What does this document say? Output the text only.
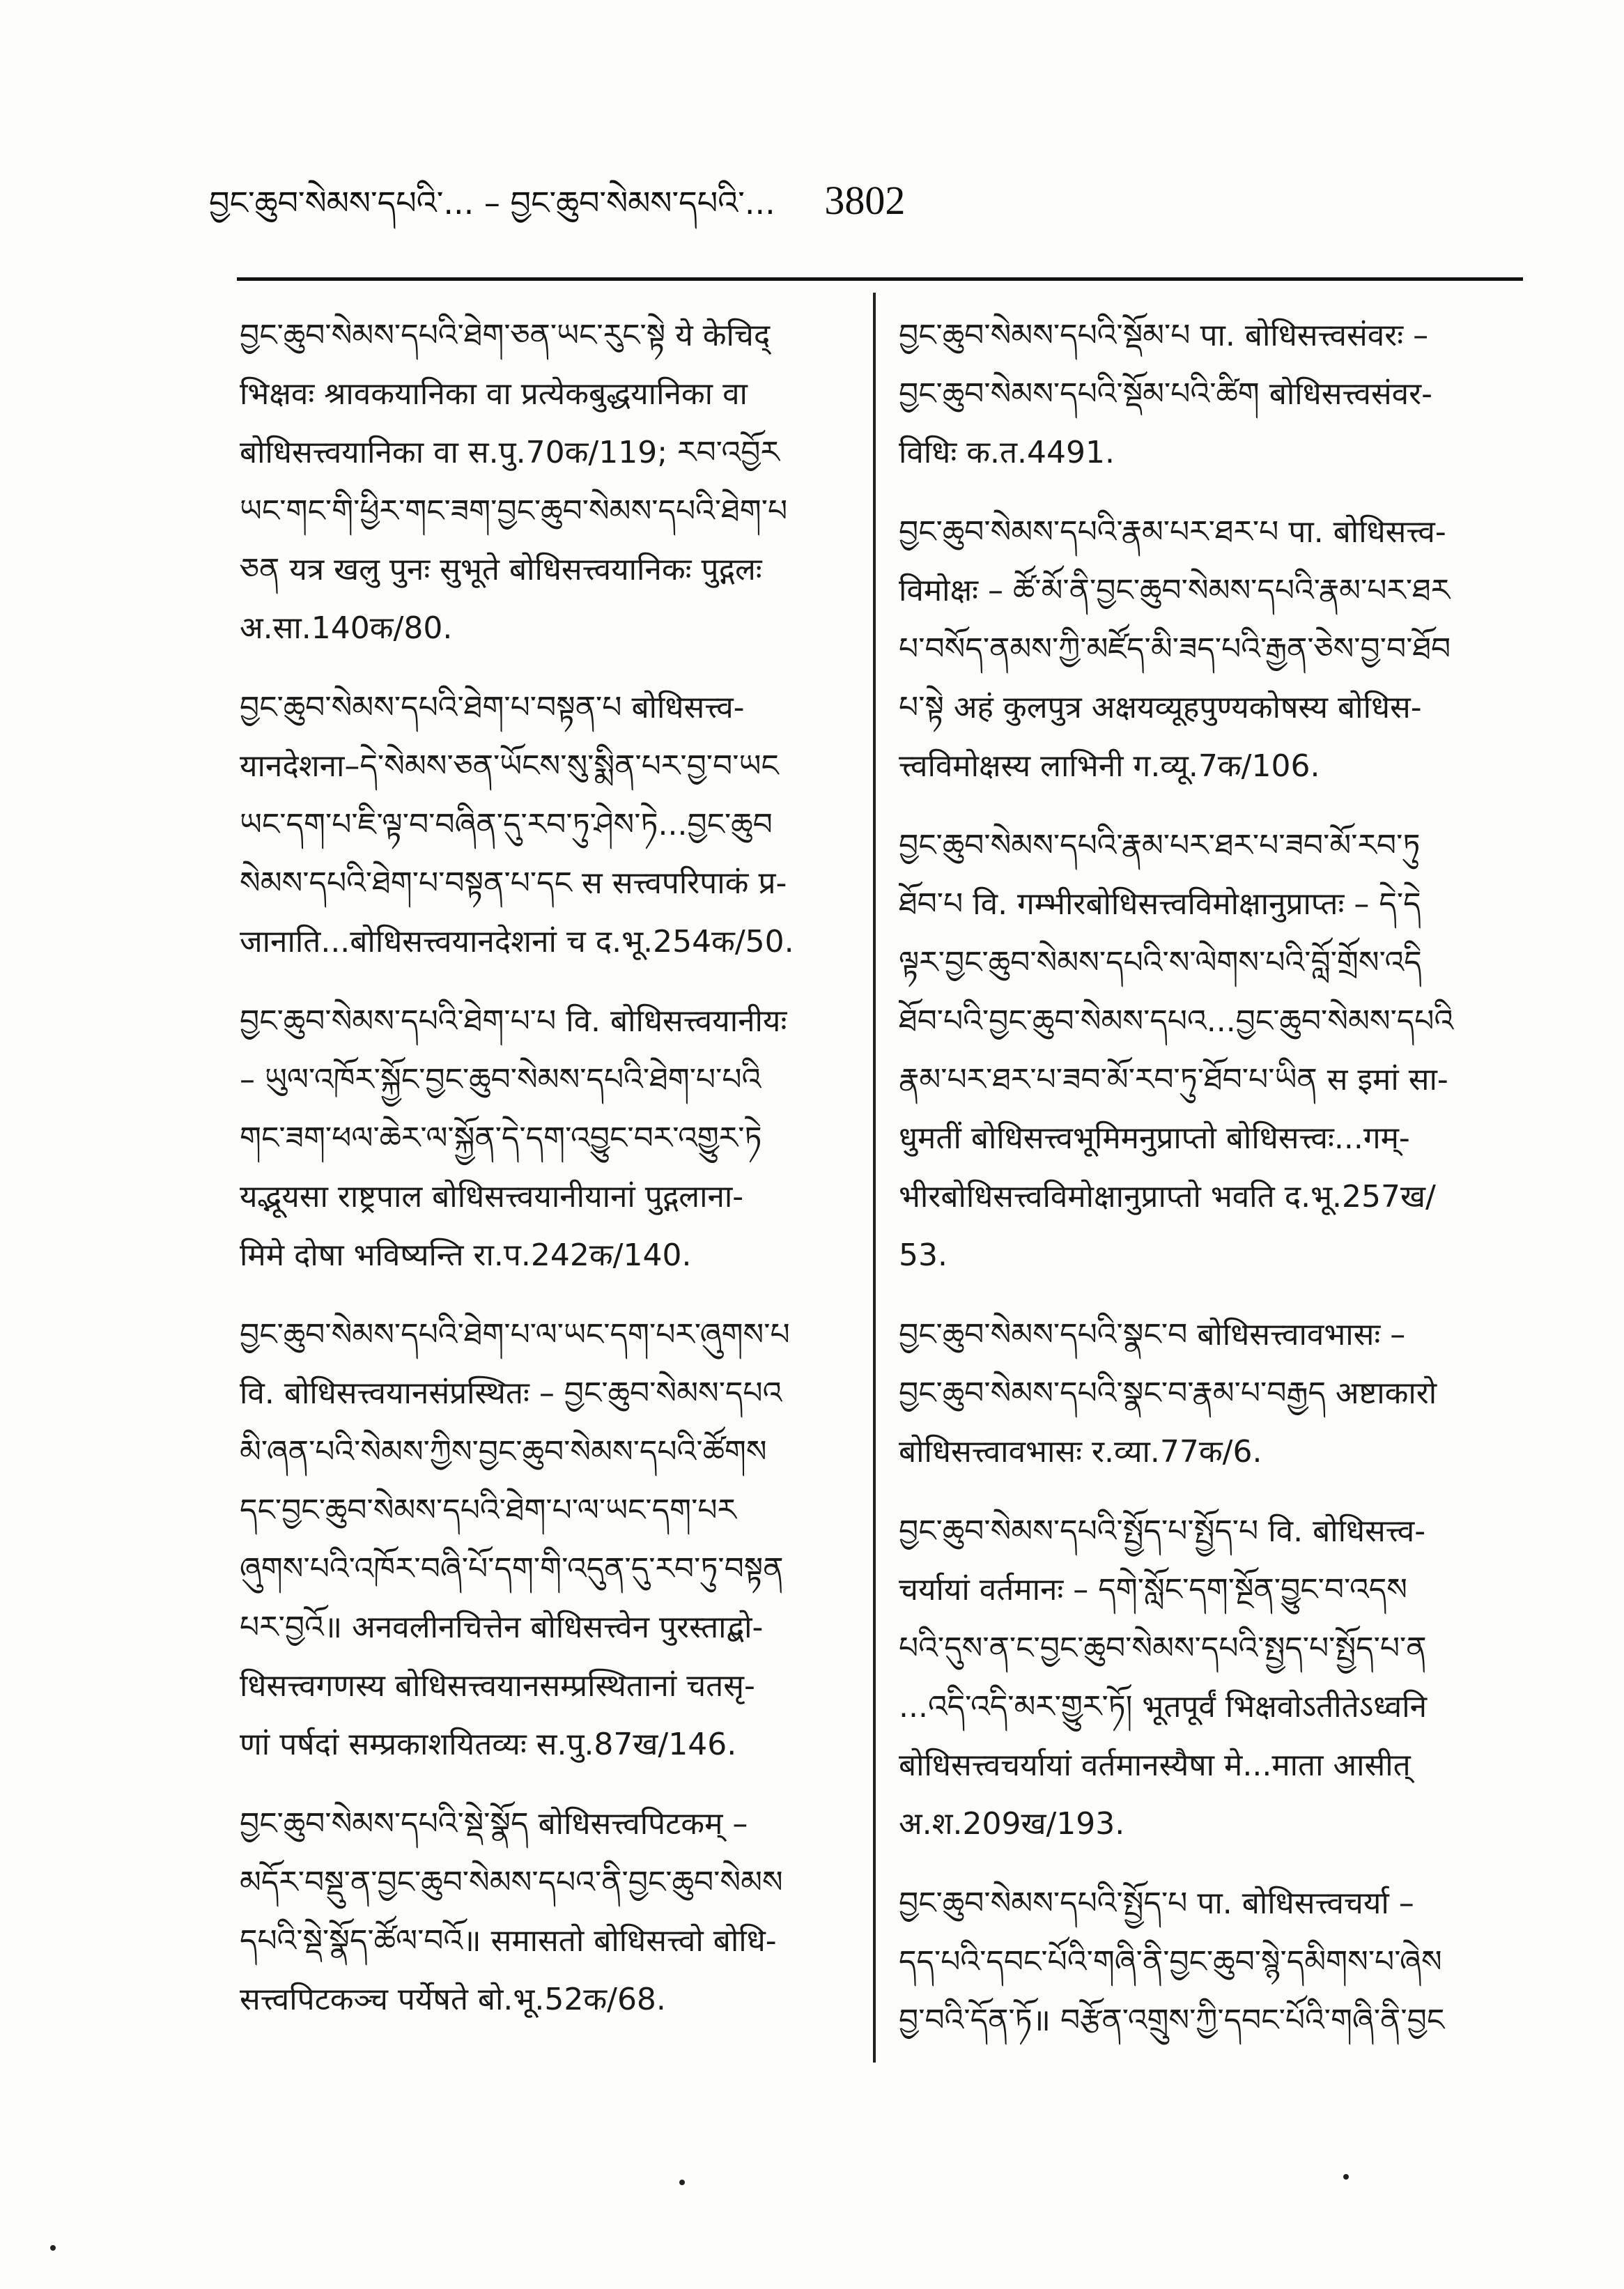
བྱང་ཆུབ་སེམས་དཔའི་... – བྱང་ཆུབ་སེམས་དཔའི་... 3802
བྱང་ཆུབ་སེམས་དཔའི་ཐེག་ཅན་ཡང་རུང་སྟེ ये केचिद्
भिक्षवः श्रावकयानिका वा प्रत्येकबुद्धयानिका वा
बोधिसत्त्वयानिका वा स.पु.70क/119; རབ་འབྱོར
ཡང་གང་གི་ཕྱིར་གང་ཟག་བྱང་ཆུབ་སེམས་དཔའི་ཐེག་པ
ཅན यत्र खलु पुनः सुभूते बोधिसत्त्वयानिकः पुद्गलः
अ.सा.140क/80.
བྱང་ཆུབ་སེམས་དཔའི་ཐེག་པ་བསྟན་པ बोधिसत्त्व-
यानदेशना–དེ་སེམས་ཅན་ཡོངས་སུ་སྨིན་པར་བྱ་བ་ཡང
ཡང་དག་པ་ཇི་ལྟ་བ་བཞིན་དུ་རབ་ཏུ་ཤེས་ཏེ...བྱང་ཆུབ
སེམས་དཔའི་ཐེག་པ་བསྟན་པ་དང स सत्त्वपरिपाकं प्र-
जानाति...बोधिसत्त्वयानदेशनां च द.भू.254क/50.
བྱང་ཆུབ་སེམས་དཔའི་ཐེག་པ་པ वि. बोधिसत्त्वयानीयः
– ཡུལ་འཁོར་སྐྱོང་བྱང་ཆུབ་སེམས་དཔའི་ཐེག་པ་པའི
གང་ཟག་ཕལ་ཆེར་ལ་སྐྱོན་དེ་དག་འབྱུང་བར་འགྱུར་ཏེ
यद्भूयसा राष्ट्रपाल बोधिसत्त्वयानीयानां पुद्गलाना-
मिमे दोषा भविष्यन्ति रा.प.242क/140.
བྱང་ཆུབ་སེམས་དཔའི་ཐེག་པ་ལ་ཡང་དག་པར་ཞུགས་པ
वि. बोधिसत्त्वयानसंप्रस्थितः – བྱང་ཆུབ་སེམས་དཔའ
མི་ཞན་པའི་སེམས་ཀྱིས་བྱང་ཆུབ་སེམས་དཔའི་ཚོགས
དང་བྱང་ཆུབ་སེམས་དཔའི་ཐེག་པ་ལ་ཡང་དག་པར
ཞུགས་པའི་འཁོར་བཞི་པོ་དག་གི་འདུན་དུ་རབ་ཏུ་བསྟན
པར་བྱའོ॥ अनवलीनचित्तेन बोधिसत्त्वेन पुरस्ताद्बो-
धिसत्त्वगणस्य बोधिसत्त्वयानसम्प्रस्थितानां चतसृ-
णां पर्षदां सम्प्रकाशयितव्यः स.पु.87ख/146.
བྱང་ཆུབ་སེམས་དཔའི་སྡེ་སྣོད बोधिसत्त्वपिटकम् –
མདོར་བསྡུ་ན་བྱང་ཆུབ་སེམས་དཔའ་ནི་བྱང་ཆུབ་སེམས
དཔའི་སྡེ་སྣོད་ཚོལ་བའོ॥ समासतो बोधिसत्त्वो बोधि-
सत्त्वपिटकञ्च पर्येषते बो.भू.52क/68.
བྱང་ཆུབ་སེམས་དཔའི་སྡོམ་པ पा. बोधिसत्त्वसंवरः –
བྱང་ཆུབ་སེམས་དཔའི་སྡོམ་པའི་ཚིག बोधिसत्त्वसंवर-
विधिः क.त.4491.
བྱང་ཆུབ་སེམས་དཔའི་རྣམ་པར་ཐར་པ पा. बोधिसत्त्व-
विमोक्षः – ཚོ་མོ་ནི་བྱང་ཆུབ་སེམས་དཔའི་རྣམ་པར་ཐར
པ་བསོད་ནམས་ཀྱི་མཛོད་མི་ཟད་པའི་རྒྱན་ཅེས་བྱ་བ་ཐོབ
པ་སྟེ अहं कुलपुत्र अक्षयव्यूहपुण्यकोषस्य बोधिस-
त्त्वविमोक्षस्य लाभिनी ग.व्यू.7क/106.
བྱང་ཆུབ་སེམས་དཔའི་རྣམ་པར་ཐར་པ་ཟབ་མོ་རབ་ཏུ
ཐོབ་པ वि. गम्भीरबोधिसत्त्वविमोक्षानुप्राप्तः – དེ་དེ
ལྟར་བྱང་ཆུབ་སེམས་དཔའི་ས་ལེགས་པའི་བློ་གྲོས་འདི
ཐོབ་པའི་བྱང་ཆུབ་སེམས་དཔའ...བྱང་ཆུབ་སེམས་དཔའི
རྣམ་པར་ཐར་པ་ཟབ་མོ་རབ་ཏུ་ཐོབ་པ་ཡིན स इमां सा-
धुमतीं बोधिसत्त्वभूमिमनुप्राप्तो बोधिसत्त्वः...गम्-
भीरबोधिसत्त्वविमोक्षानुप्राप्तो भवति द.भू.257ख/
53.
བྱང་ཆུབ་སེམས་དཔའི་སྣང་བ बोधिसत्त्वावभासः –
བྱང་ཆུབ་སེམས་དཔའི་སྣང་བ་རྣམ་པ་བརྒྱད अष्टाकारो
बोधिसत्त्वावभासः र.व्या.77क/6.
བྱང་ཆུབ་སེམས་དཔའི་སྤྱོད་པ་སྤྱོད་པ वि. बोधिसत्त्व-
चर्यायां वर्तमानः – དགེ་སློང་དག་སྔོན་བྱུང་བ་འདས
པའི་དུས་ན་ང་བྱང་ཆུབ་སེམས་དཔའི་སྤྱད་པ་སྤྱོད་པ་ན
...འདི་འདི་མར་གྱུར་ཏོ། भूतपूर्वं भिक्षवोऽतीतेऽध्वनि
बोधिसत्त्वचर्यायां वर्तमानस्यैषा मे...माता आसीत्
अ.श.209ख/193.
བྱང་ཆུབ་སེམས་དཔའི་སྤྱོད་པ पा. बोधिसत्त्वचर्या –
དད་པའི་དབང་པོའི་གཞི་ནི་བྱང་ཆུབ་སྙེ་དམིགས་པ་ཞེས
བྱ་བའི་དོན་ཏོ॥ བརྩོན་འགྲུས་ཀྱི་དབང་པོའི་གཞི་ནི་བྱང
